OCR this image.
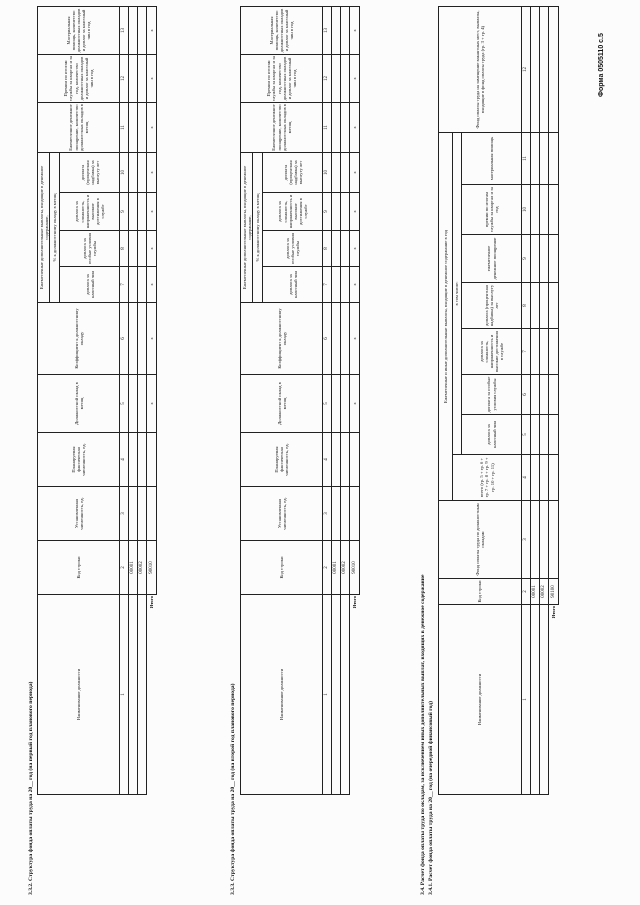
Форма 0505110 с.5
3.3.2. Структура фонда оплаты труда на 20__ год (на первый год планового периода)	Наименование должности	Код строки	Установленная численность, ед.	Планируемая фактическая численность, ед.	Должностной оклад в месяц	Коэффициент к должностному окладу	Ежемесячные дополнительные выплаты, входящие в денежное содержание,				Ежемесячное денежное поощрение, количество должностных окладов в месяц	Премии по итогам службы за квартал и за год, количество должностных окладов и доплат за классный чин в год	Материальная помощь, количество должностных окладов и доплат за классный чин в год
						% к должностному окладу в месяц						
						доплата за классный чин	доплата за особые условия службы	доплата за сложность, напряженность и высокие достижения в службе	доплата (процентная надбавка) за выслугу лет			
1	2	3	4	5	6	7	8	9	10	11	12	13
	00001											
	00002											
Итого	90010			х	х	х	х	х	х	х	х	х
3.3.3. Структура фонда оплаты труда на 20__ год (на второй год планового периода)	Наименование должности	Код строки	Установленная численность, ед.	Планируемая фактическая численность, ед.	Должностной оклад в месяц	Коэффициент к должностному окладу	Ежемесячные дополнительные выплаты, входящие в денежное содержание,				Ежемесячное денежное поощрение, количество должностных окладов в месяц	Премии по итогам службы за квартал и за год, количество должностных окладов и доплат за классный чин в год	Материальная помощь, количество должностных окладов и доплат за классный чин в год
						% к должностному окладу в месяц						
						доплата за классный чин	доплата за особые условия службы	доплата за сложность, напряженность и высокие достижения в службе	доплата (процентная надбавка) за выслугу лет			
1	2	3	4	5	6	7	8	9	10	11	12	13
	00001											
	00002											
Итого	90010			х	х	х	х	х	х	х	х	х
3.4. Расчет фонда оплаты труда по окладам, за исключением иных дополнительных выплат, входящих в денежное содержание 3.4.1. Расчет фонда оплаты труда на 20__ год (на очередной финансовый год)
Наименование должности	Код строки	Фонд оплаты труда по должностным окладам	Ежемесячные и иные дополнительные выплаты, входящие в денежное содержание в год								Фонд оплаты труда на замещение вакантных мест, выплаты, входящие в фонд оплаты труда (гр. 3 + гр. 4)
			всего (гр. 5 + гр. 6 + гр. 7 + гр. 8 + гр. 9 + гр. 10 + гр. 11)	в том числе:							
				доплата за классный чин	доплата за особые условия службы	доплата за сложность, напряженность и высокие достижения в службе	доплата (процентная надбавка) за выслугу лет	ежемесячное денежное поощрение	премии по итогам службы за квартал и за год	материальная помощь	
1	2	3	4	5	6	7	8	9	10	11	12
	00001										
	00002										
Итого	90100										
